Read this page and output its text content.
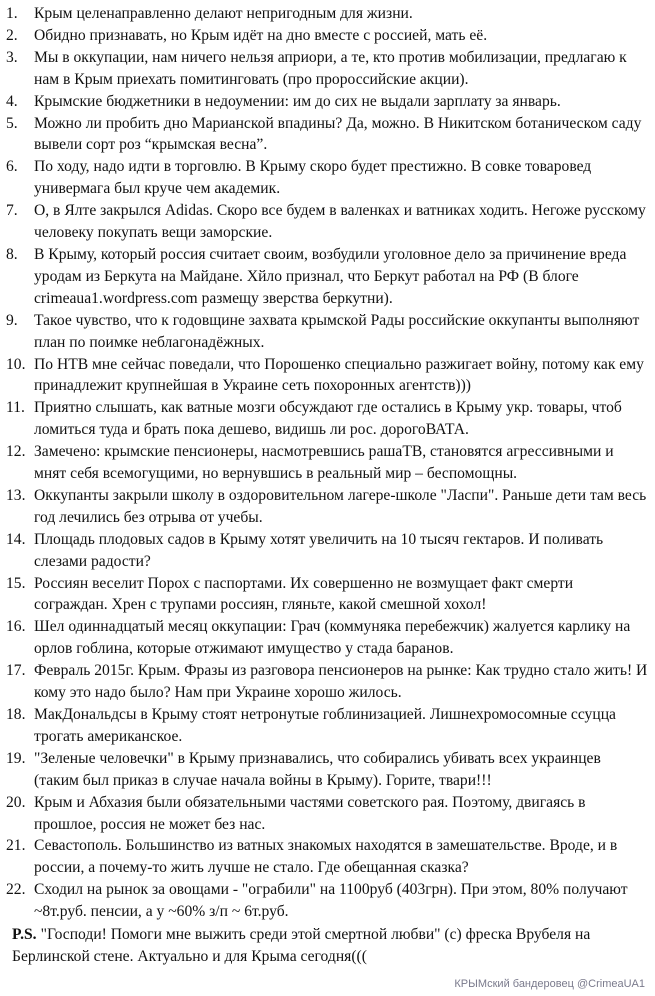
1.	Крым целенаправленно делают непригодным для жизни.
2.	Обидно признавать, но Крым идёт на дно вместе с россией, мать её.
3.	Мы в оккупации, нам ничего нельзя априори, а те, кто против мобилизации, предлагаю к нам в Крым приехать помитинговать (про пророссийские акции).
4.	Крымские бюджетники в недоумении: им до сих не выдали зарплату за январь.
5.	Можно ли пробить дно Марианской впадины? Да, можно. В Никитском ботаническом саду вывели сорт роз “крымская весна”.
6.	По ходу, надо идти в торговлю. В Крыму скоро будет престижно. В совке товаровед универмага был круче чем академик.
7.	О, в Ялте закрылся Adidas. Скоро все будем в валенках и ватниках ходить. Негоже русскому человеку покупать вещи заморские.
8.	В Крыму, который россия считает своим, возбудили уголовное дело за причинение вреда уродам из Беркута на Майдане. Хйло признал, что Беркут работал на РФ (В блоге crimeaua1.wordpress.com размещу зверства беркутни).
9.	Такое чувство, что к годовщине захвата крымской Рады российские оккупанты выполняют план по поимке неблагонадёжных.
10. По НТВ мне сейчас поведали, что Порошенко специально разжигает войну, потому как ему принадлежит крупнейшая в Украине сеть похоронных агентств)))
11. Приятно слышать, как ватные мозги обсуждают где остались в Крыму укр. товары, чтоб ломиться туда и брать пока дешево, видишь ли рос. дорогоВАТА.
12. Замечено: крымские пенсионеры, насмотревшись рашаТВ, становятся агрессивными и мнят себя всемогущими, но вернувшись в реальный мир – беспомощны.
13. Оккупанты закрыли школу в оздоровительном лагере-школе "Ласпи". Раньше дети там весь год лечились без отрыва от учебы.
14. Площадь плодовых садов в Крыму хотят увеличить на 10 тысяч гектаров. И поливать слезами радости?
15. Россиян веселит Порох с паспортами. Их совершенно не возмущает факт смерти сограждан. Хрен с трупами россиян, гляньте, какой смешной хохол!
16. Шел одиннадцатый месяц оккупации: Грач (коммуняка перебежчик) жалуется карлику на орлов гоблина, которые отжимают имущество у стада баранов.
17. Февраль 2015г. Крым. Фразы из разговора пенсионеров на рынке: Как трудно стало жить! И кому это надо было? Нам при Украине хорошо жилось.
18. МакДональдсы в Крыму стоят нетронутые гоблинизацией. Лишнехромосомные ссуцца трогать американское.
19. "Зеленые человечки" в Крыму признавались, что собирались убивать всех украинцев (таким был приказ в случае начала войны в Крыму). Горите, твари!!!
20. Крым и Абхазия были обязательными частями советского рая. Поэтому, двигаясь в прошлое, россия не может без нас.
21. Севастополь. Большинство из ватных знакомых находятся в замешательстве. Вроде, и в россии, а почему-то жить лучше не стало. Где обещанная сказка?
22. Сходил на рынок за овощами - "ограбили" на 1100руб (403грн). При этом, 80% получают ~8т.руб. пенсии, а у ~60% з/п ~ 6т.руб.

P.S. "Господи! Помоги мне выжить среди этой смертной любви" (с) фреска Врубеля на Берлинской стене. Актуально и для Крыма сегодня(((

КРЫМский бандеровец @CrimeaUA1
